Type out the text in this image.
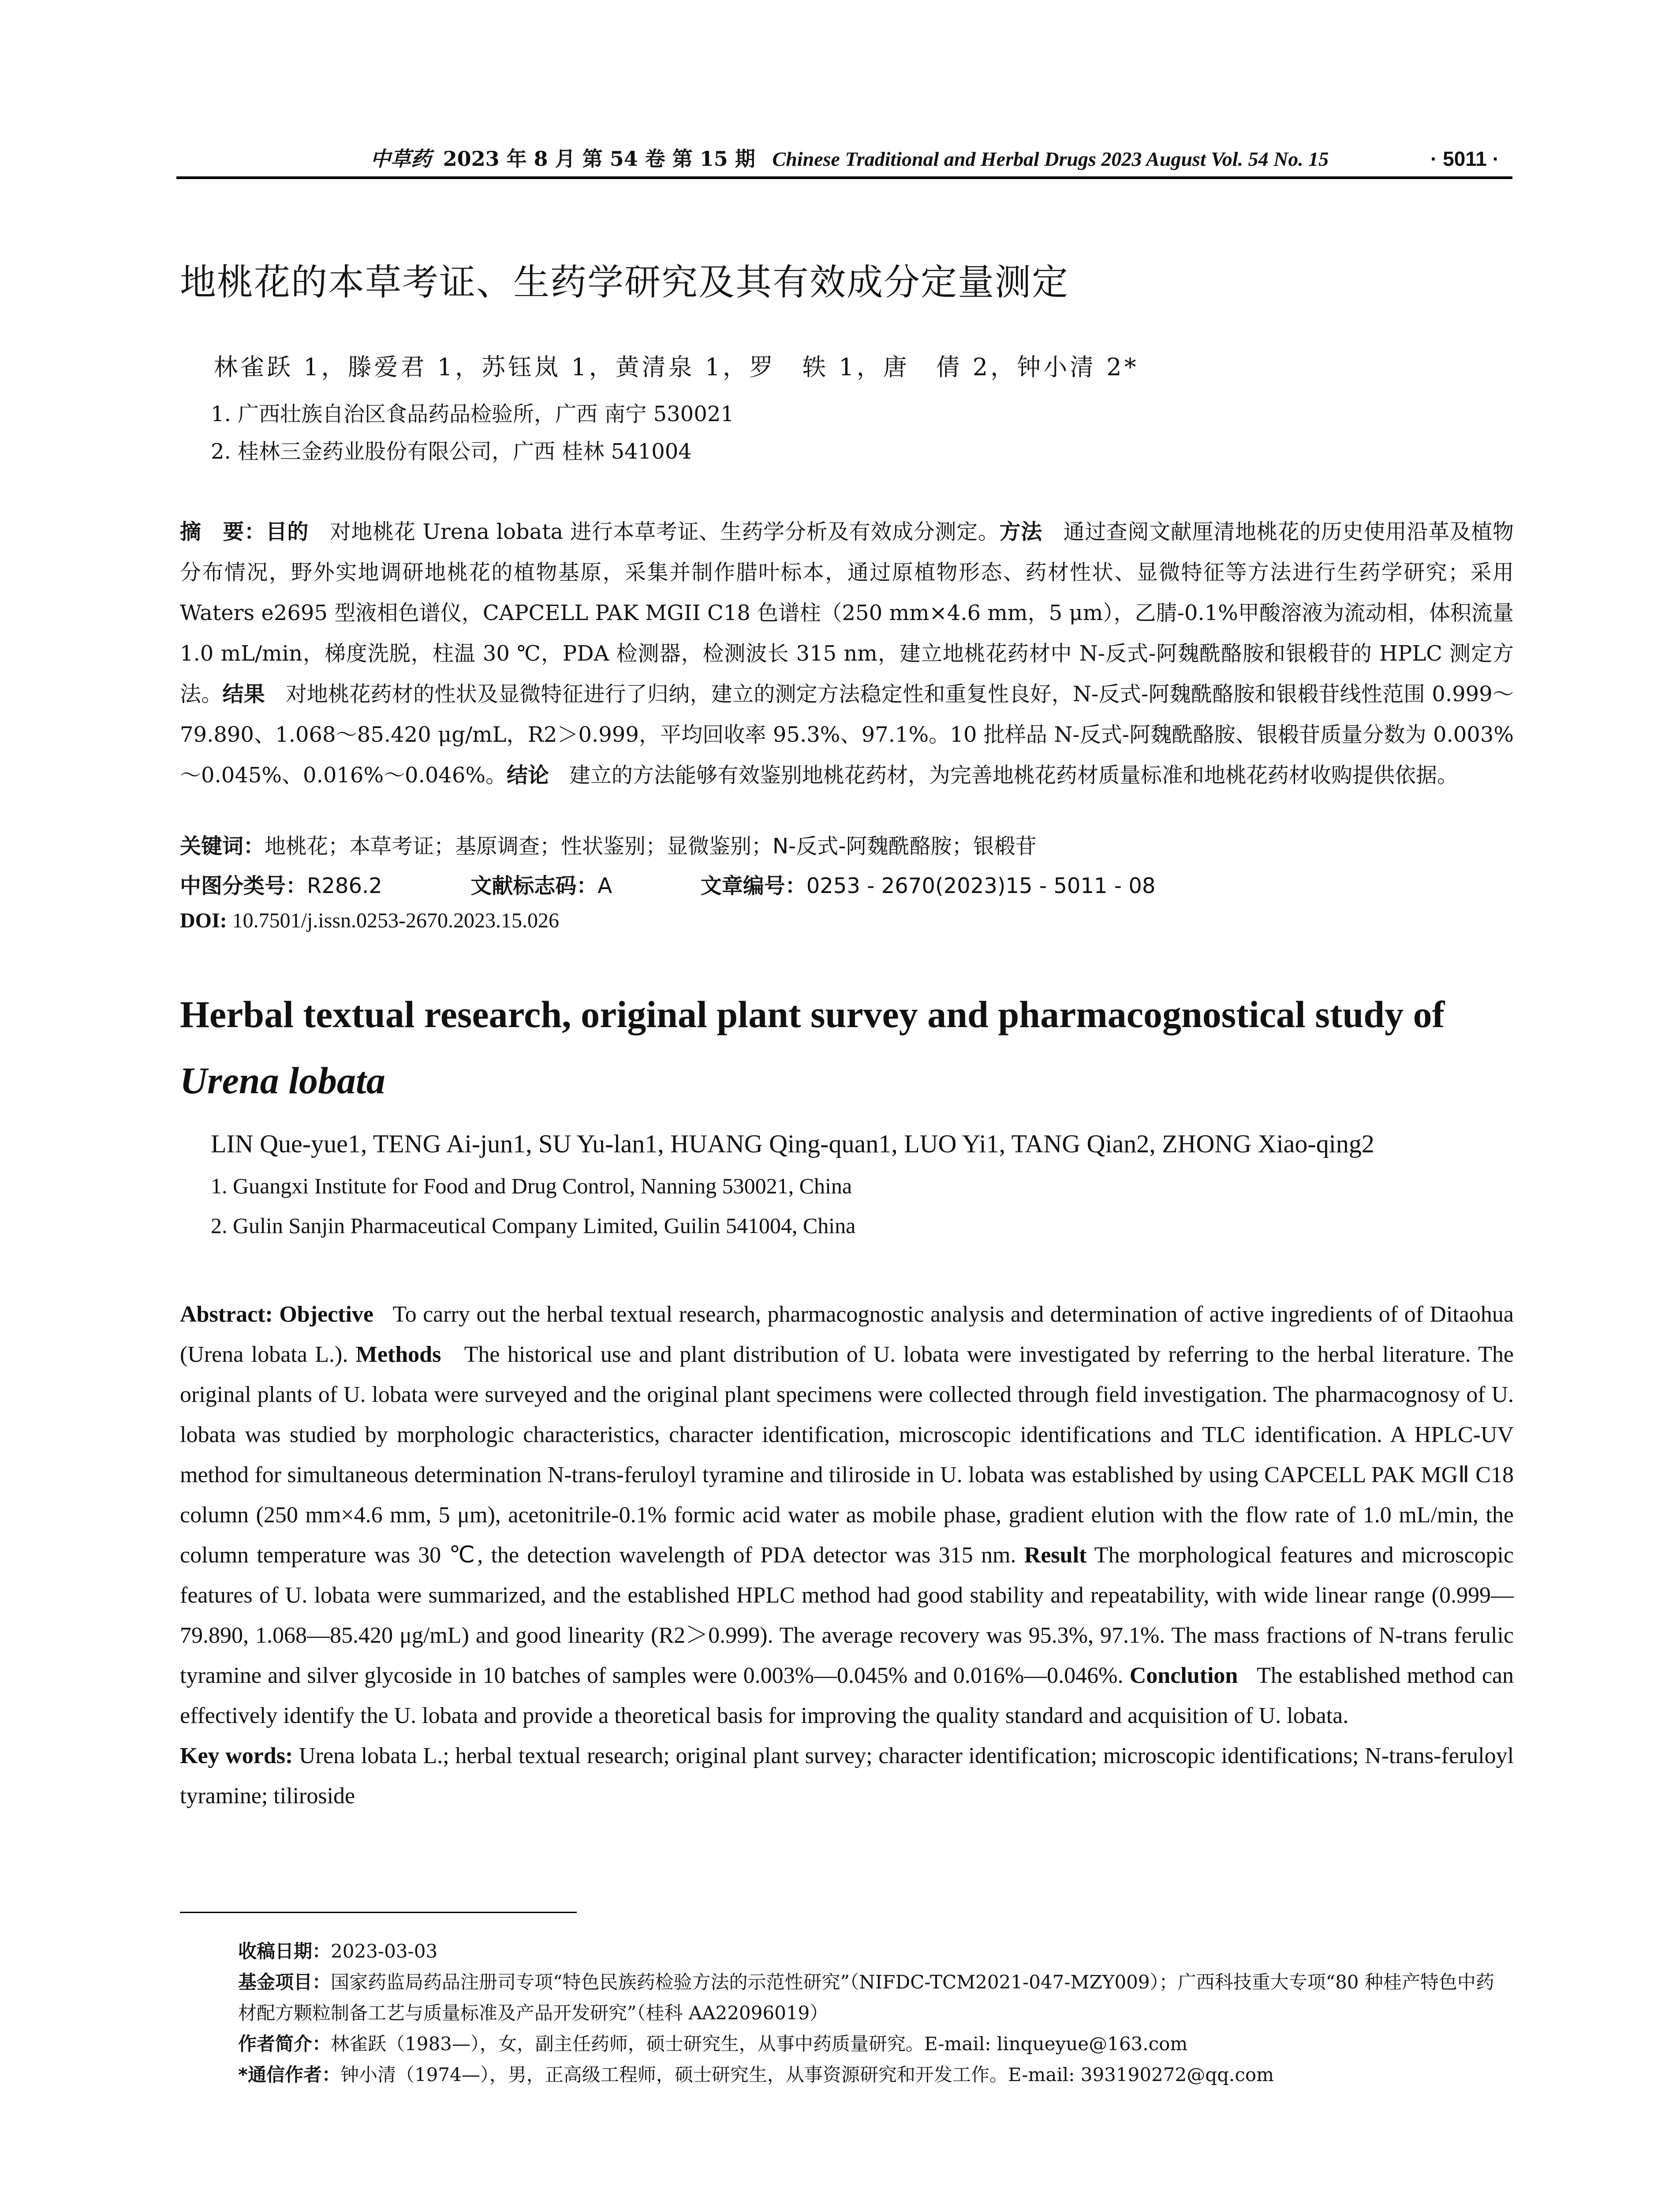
中草药 2023 年 8 月 第 54 卷 第 15 期 Chinese Traditional and Herbal Drugs 2023 August Vol. 54 No. 15	· 5011 ·
地桃花的本草考证、生药学研究及其有效成分定量测定
林雀跃 1，滕爱君 1，苏钰岚 1，黄清泉 1，罗　轶 1，唐　倩 2，钟小清 2*
1. 广西壮族自治区食品药品检验所，广西 南宁 530021
2. 桂林三金药业股份有限公司，广西 桂林 541004
摘　要：目的 对地桃花 Urena lobata 进行本草考证、生药学分析及有效成分测定。方法 通过查阅文献厘清地桃花的历史使用沿革及植物分布情况，野外实地调研地桃花的植物基原，采集并制作腊叶标本，通过原植物形态、药材性状、显微特征等方法进行生药学研究；采用 Waters e2695 型液相色谱仪，CAPCELL PAK MGII C18 色谱柱（250 mm×4.6 mm，5 μm），乙腈-0.1%甲酸溶液为流动相，体积流量 1.0 mL/min，梯度洗脱，柱温 30 ℃，PDA 检测器，检测波长 315 nm，建立地桃花药材中 N-反式-阿魏酰酪胺和银椴苷的 HPLC 测定方法。结果 对地桃花药材的性状及显微特征进行了归纳，建立的测定方法稳定性和重复性良好，N-反式-阿魏酰酪胺和银椴苷线性范围 0.999～79.890、1.068～85.420 μg/mL，R2＞0.999，平均回收率 95.3%、97.1%。10 批样品 N-反式-阿魏酰酪胺、银椴苷质量分数为 0.003%～0.045%、0.016%～0.046%。结论 建立的方法能够有效鉴别地桃花药材，为完善地桃花药材质量标准和地桃花药材收购提供依据。
关键词：地桃花；本草考证；基原调查；性状鉴别；显微鉴别；N-反式-阿魏酰酪胺；银椴苷
中图分类号：R286.2	文献标志码：A	文章编号：0253 - 2670(2023)15 - 5011 - 08
DOI: 10.7501/j.issn.0253-2670.2023.15.026
Herbal textual research, original plant survey and pharmacognostical study of
Urena lobata
LIN Que-yue1, TENG Ai-jun1, SU Yu-lan1, HUANG Qing-quan1, LUO Yi1, TANG Qian2, ZHONG Xiao-qing2
1. Guangxi Institute for Food and Drug Control, Nanning 530021, China
2. Gulin Sanjin Pharmaceutical Company Limited, Guilin 541004, China
Abstract: Objective To carry out the herbal textual research, pharmacognostic analysis and determination of active ingredients of of Ditaohua (Urena lobata L.). Methods The historical use and plant distribution of U. lobata were investigated by referring to the herbal literature. The original plants of U. lobata were surveyed and the original plant specimens were collected through field investigation. The pharmacognosy of U. lobata was studied by morphologic characteristics, character identification, microscopic identifications and TLC identification. A HPLC-UV method for simultaneous determination N-trans-feruloyl tyramine and tiliroside in U. lobata was established by using CAPCELL PAK MGⅡ C18 column (250 mm×4.6 mm, 5 μm), acetonitrile-0.1% formic acid water as mobile phase, gradient elution with the flow rate of 1.0 mL/min, the column temperature was 30 ℃, the detection wavelength of PDA detector was 315 nm. Result The morphological features and microscopic features of U. lobata were summarized, and the established HPLC method had good stability and repeatability, with wide linear range (0.999—79.890, 1.068—85.420 μg/mL) and good linearity (R2＞0.999). The average recovery was 95.3%, 97.1%. The mass fractions of N-trans ferulic tyramine and silver glycoside in 10 batches of samples were 0.003%—0.045% and 0.016%—0.046%. Conclution The established method can effectively identify the U. lobata and provide a theoretical basis for improving the quality standard and acquisition of U. lobata.
Key words: Urena lobata L.; herbal textual research; original plant survey; character identification; microscopic identifications; N-trans-feruloyl tyramine; tiliroside
收稿日期：2023-03-03
基金项目：国家药监局药品注册司专项“特色民族药检验方法的示范性研究”（NIFDC-TCM2021-047-MZY009）；广西科技重大专项“80 种桂产特色中药材配方颗粒制备工艺与质量标准及产品开发研究”（桂科 AA22096019）
作者简介：林雀跃（1983—），女，副主任药师，硕士研究生，从事中药质量研究。E-mail: linqueyue@163.com
*通信作者：钟小清（1974—），男，正高级工程师，硕士研究生，从事资源研究和开发工作。E-mail: 393190272@qq.com
